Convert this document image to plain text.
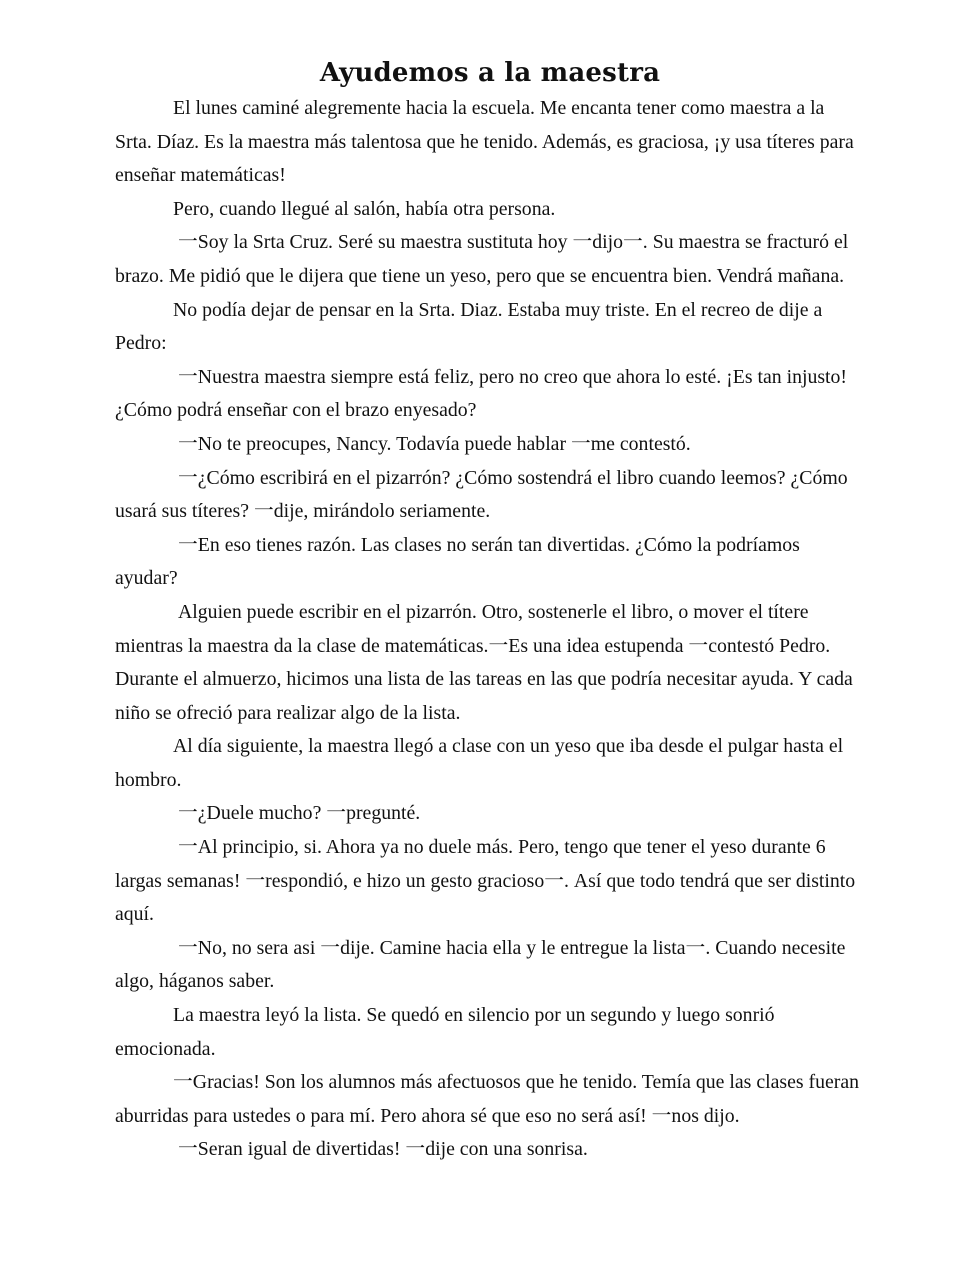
Ayudemos a la maestra

El lunes caminé alegremente hacia la escuela. Me encanta tener como maestra a la Srta. Díaz. Es la maestra más talentosa que he tenido. Además, es graciosa, ¡y usa títeres para enseñar matemáticas!

Pero, cuando llegué al salón, había otra persona.

一Soy la Srta Cruz. Seré su maestra sustituta hoy 一dijo一. Su maestra se fracturó el brazo. Me pidió que le dijera que tiene un yeso, pero que se encuentra bien. Vendrá mañana.

No podía dejar de pensar en la Srta. Diaz. Estaba muy triste. En el recreo de dije a Pedro:

一Nuestra maestra siempre está feliz, pero no creo que ahora lo esté. ¡Es tan injusto! ¿Cómo podrá enseñar con el brazo enyesado?

一No te preocupes, Nancy. Todavía puede hablar 一me contestó.

一¿Cómo escribirá en el pizarrón? ¿Cómo sostendrá el libro cuando leemos? ¿Cómo usará sus títeres? 一dije, mirándolo seriamente.

一En eso tienes razón. Las clases no serán tan divertidas. ¿Cómo la podríamos ayudar?

Alguien puede escribir en el pizarrón. Otro, sostenerle el libro, o mover el títere mientras la maestra da la clase de matemáticas.一Es una idea estupenda 一contestó Pedro. Durante el almuerzo, hicimos una lista de las tareas en las que podría necesitar ayuda. Y cada niño se ofreció para realizar algo de la lista.

Al día siguiente, la maestra llegó a clase con un yeso que iba desde el pulgar hasta el hombro.

一¿Duele mucho? 一pregunté.

一Al principio, si. Ahora ya no duele más. Pero, tengo que tener el yeso durante 6 largas semanas! 一respondió, e hizo un gesto gracioso一. Así que todo tendrá que ser distinto aquí.

一No, no sera asi 一dije. Camine hacia ella y le entregue la lista一. Cuando necesite algo, háganos saber.

La maestra leyó la lista. Se quedó en silencio por un segundo y luego sonrió emocionada.

一Gracias! Son los alumnos más afectuosos que he tenido. Temía que las clases fueran aburridas para ustedes o para mí. Pero ahora sé que eso no será así! 一nos dijo.

一Seran igual de divertidas! 一dije con una sonrisa.
